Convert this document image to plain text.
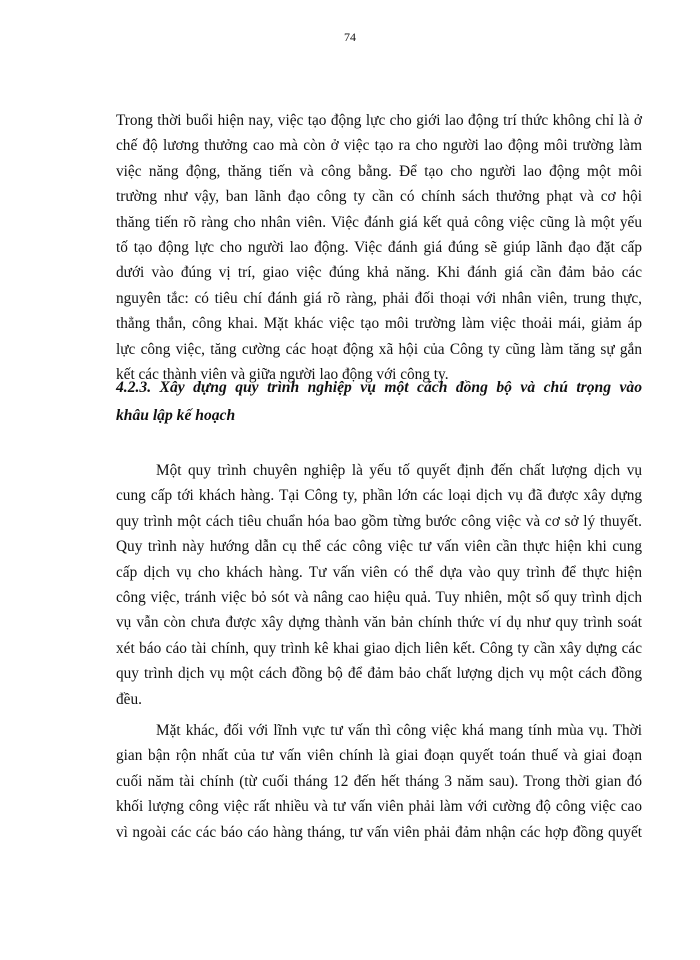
74
Trong thời buổi hiện nay, việc tạo động lực cho giới lao động trí thức không chỉ là ở
chế độ lương thưởng cao mà còn ở việc tạo ra cho người lao động môi trường làm
việc năng động, thăng tiến và công bằng. Để tạo cho người lao động một môi
trường như vậy, ban lãnh đạo công ty cần có chính sách thưởng phạt và cơ hội
thăng tiến rõ ràng cho nhân viên. Việc đánh giá kết quả công việc cũng là một yếu
tố tạo động lực cho người lao động. Việc đánh giá đúng sẽ giúp lãnh đạo đặt cấp
dưới vào đúng vị trí, giao việc đúng khả năng. Khi đánh giá cần đảm bảo các
nguyên tắc: có tiêu chí đánh giá rõ ràng, phải đối thoại với nhân viên, trung thực,
thẳng thắn, công khai. Mặt khác việc tạo môi trường làm việc thoải mái, giảm áp
lực công việc, tăng cường các hoạt động xã hội của Công ty cũng làm tăng sự gắn
kết các thành viên và giữa người lao động với công ty.
4.2.3. Xây dựng quy trình nghiệp vụ một cách đồng bộ và chú trọng vào
khâu lập kế hoạch
Một quy trình chuyên nghiệp là yếu tố quyết định đến chất lượng dịch vụ
cung cấp tới khách hàng. Tại Công ty, phần lớn các loại dịch vụ đã được xây dựng
quy trình một cách tiêu chuẩn hóa bao gồm từng bước công việc và cơ sở lý thuyết.
Quy trình này hướng dẫn cụ thể các công việc tư vấn viên cần thực hiện khi cung
cấp dịch vụ cho khách hàng. Tư vấn viên có thể dựa vào quy trình để thực hiện
công việc, tránh việc bỏ sót và nâng cao hiệu quả. Tuy nhiên, một số quy trình dịch
vụ vẫn còn chưa được xây dựng thành văn bản chính thức ví dụ như quy trình soát
xét báo cáo tài chính, quy trình kê khai giao dịch liên kết. Công ty cần xây dựng các
quy trình dịch vụ một cách đồng bộ để đảm bảo chất lượng dịch vụ một cách đồng
đều.
Mặt khác, đối với lĩnh vực tư vấn thì công việc khá mang tính mùa vụ. Thời
gian bận rộn nhất của tư vấn viên chính là giai đoạn quyết toán thuế và giai đoạn
cuối năm tài chính (từ cuối tháng 12 đến hết tháng 3 năm sau). Trong thời gian đó
khối lượng công việc rất nhiều và tư vấn viên phải làm với cường độ công việc cao
vì ngoài các các báo cáo hàng tháng, tư vấn viên phải đảm nhận các hợp đồng quyết
